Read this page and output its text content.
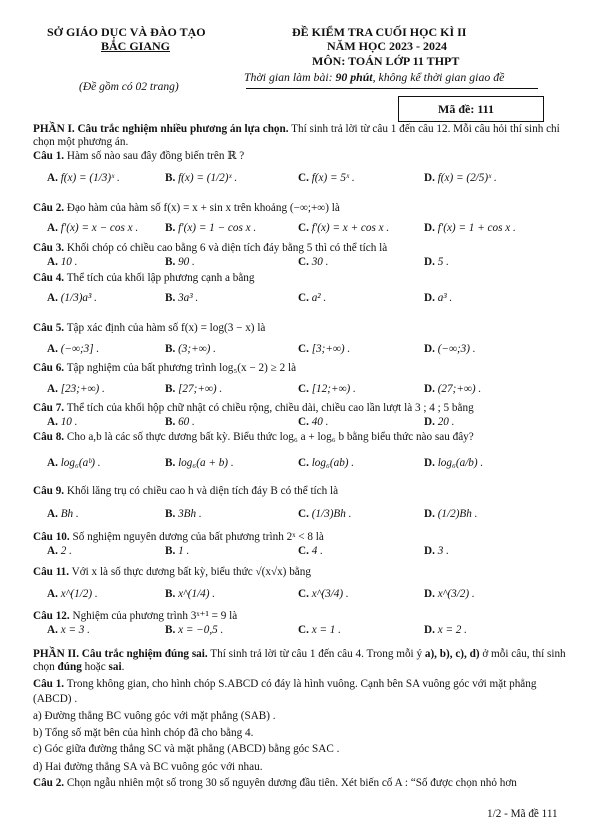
SỞ GIÁO DỤC VÀ ĐÀO TẠO
BẮC GIANG
(Đề gồm có 02 trang)
ĐỀ KIỂM TRA CUỐI HỌC KÌ II
NĂM HỌC 2023 - 2024
MÔN: TOÁN LỚP 11 THPT
Thời gian làm bài: 90 phút, không kể thời gian giao đề
Mã đề: 111
PHẦN I. Câu trắc nghiệm nhiều phương án lựa chọn. Thí sinh trả lời từ câu 1 đến câu 12. Mỗi câu hỏi thí sinh chỉ chọn một phương án.
Câu 1. Hàm số nào sau đây đồng biến trên ℝ ?
A. f(x) = (1/3)ˣ .	B. f(x) = (1/2)ˣ .	C. f(x) = 5ˣ .	D. f(x) = (2/5)ˣ .
Câu 2. Đạo hàm của hàm số f(x) = x + sin x trên khoảng (−∞;+∞) là
A. f′(x) = x − cos x . B. f′(x) = 1 − cos x .	C. f′(x) = x + cos x .	D. f′(x) = 1 + cos x .
Câu 3. Khối chóp có chiều cao bằng 6 và diện tích đáy bằng 5 thì có thể tích là
A. 10 .	B. 90 .	C. 30 .	D. 5 .
Câu 4. Thể tích của khối lập phương cạnh a bằng
A. (1/3)a³ .	B. 3a³ .	C. a² .	D. a³ .
Câu 5. Tập xác định của hàm số f(x) = log(3 − x) là
A. (−∞;3] .	B. (3;+∞) .	C. [3;+∞) .	D. (−∞;3) .
Câu 6. Tập nghiệm của bất phương trình log₅(x − 2) ≥ 2 là
A. [23;+∞) .	B. [27;+∞) .	C. [12;+∞) .	D. (27;+∞) .
Câu 7. Thể tích của khối hộp chữ nhật có chiều rộng, chiều dài, chiều cao lần lượt là 3 ; 4 ; 5 bằng
A. 10 .	B. 60 .	C. 40 .	D. 20 .
Câu 8. Cho a,b là các số thực dương bất kỳ. Biểu thức log₆ a + log₆ b bằng biểu thức nào sau đây?
A. log₆(aᵇ) .	B. log₆(a + b) .	C. log₆(ab) .	D. log₆(a/b) .
Câu 9. Khối lăng trụ có chiều cao h và diện tích đáy B có thể tích là
A. Bh .	B. 3Bh .	C. (1/3)Bh .	D. (1/2)Bh .
Câu 10. Số nghiệm nguyên dương của bất phương trình 2ˣ < 8 là
A. 2 .	B. 1 .	C. 4 .	D. 3 .
Câu 11. Với x là số thực dương bất kỳ, biểu thức √(x√x) bằng
A. x^(1/2) .	B. x^(1/4) .	C. x^(3/4) .	D. x^(3/2) .
Câu 12. Nghiệm của phương trình 3ˣ⁺¹ = 9 là
A. x = 3 .	B. x = −0,5 .	C. x = 1 .	D. x = 2 .
PHẦN II. Câu trắc nghiệm đúng sai. Thí sinh trả lời từ câu 1 đến câu 4. Trong mỗi ý a), b), c), d) ở mỗi câu, thí sinh chọn đúng hoặc sai.
Câu 1. Trong không gian, cho hình chóp S.ABCD có đáy là hình vuông. Cạnh bên SA vuông góc với mặt phẳng (ABCD) .
a) Đường thẳng BC vuông góc với mặt phẳng (SAB) .
b) Tổng số mặt bên của hình chóp đã cho bằng 4.
c) Góc giữa đường thẳng SC và mặt phẳng (ABCD) bằng góc SAC .
d) Hai đường thẳng SA và BC vuông góc với nhau.
Câu 2. Chọn ngẫu nhiên một số trong 30 số nguyên dương đầu tiên. Xét biến cố A : “Số được chọn nhỏ hơn
1/2 - Mã đề 111
